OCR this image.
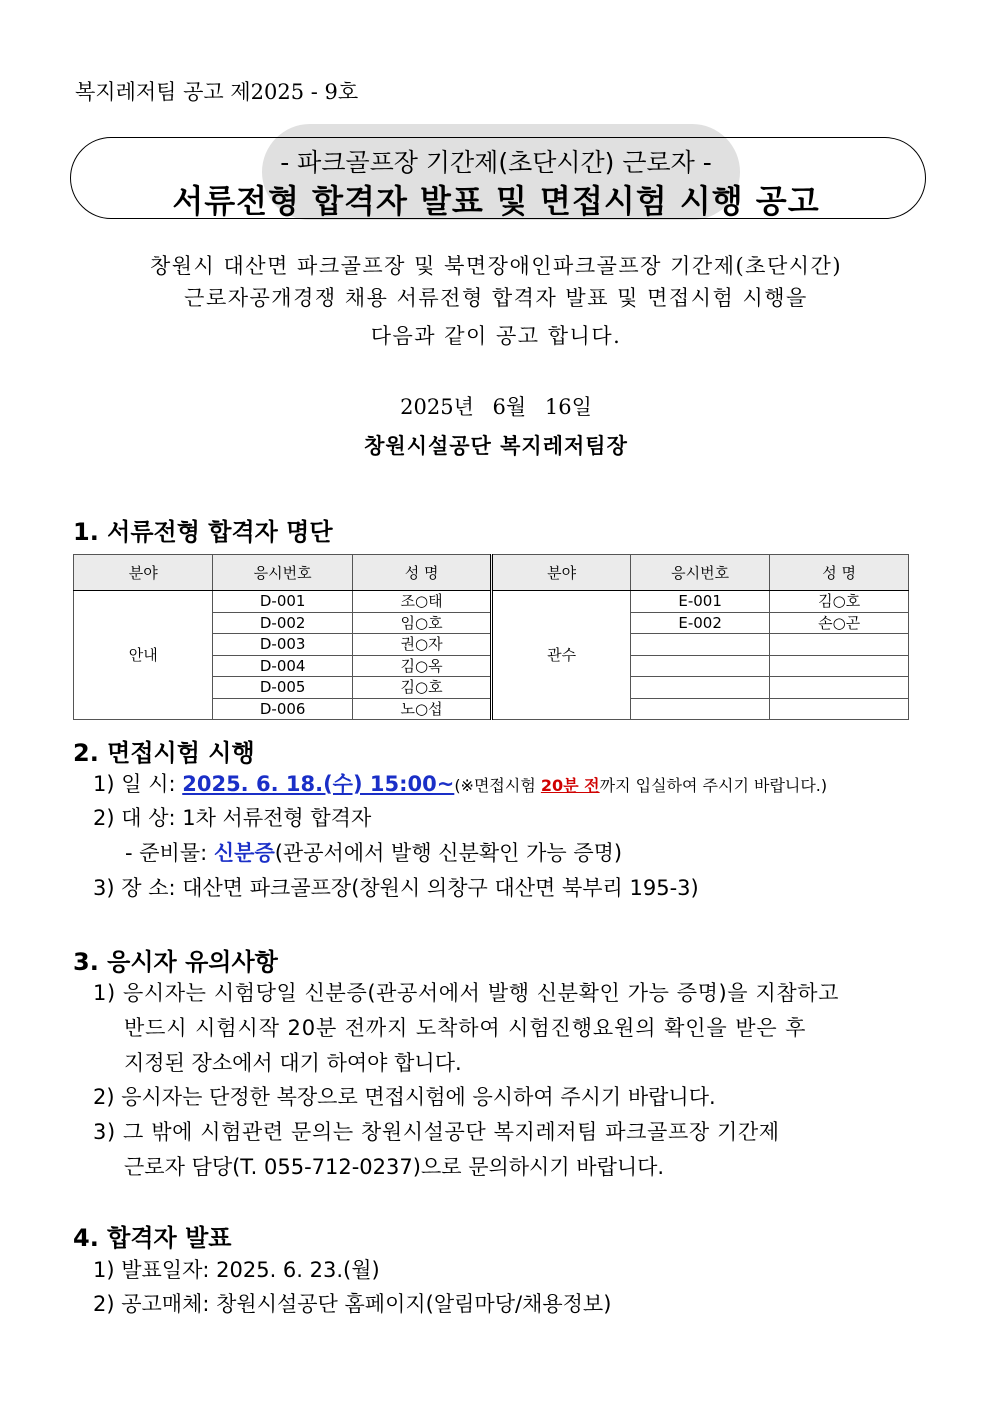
복지레저팀 공고 제2025 - 9호
- 파크골프장 기간제(초단시간) 근로자 -
서류전형 합격자 발표 및 면접시험 시행 공고
창원시 대산면 파크골프장 및 북면장애인파크골프장 기간제(초단시간)
근로자공개경쟁 채용 서류전형 합격자 발표 및 면접시험 시행을
다음과 같이 공고 합니다.
2025년 6월 16일
창원시설공단 복지레저팀장
1. 서류전형 합격자 명단
분야	응시번호	성 명	분야	응시번호	성 명
안내	D-001	조○태	관수	E-001	김○호
	D-002	임○호		E-002	손○곤
	D-003	권○자			
	D-004	김○옥			
	D-005	김○호			
	D-006	노○섭			
2. 면접시험 시행
1) 일 시: 2025. 6. 18.(수) 15:00~(※면접시험 20분 전까지 입실하여 주시기 바랍니다.)
2) 대 상: 1차 서류전형 합격자
- 준비물: 신분증(관공서에서 발행 신분확인 가능 증명)
3) 장 소: 대산면 파크골프장(창원시 의창구 대산면 북부리 195-3)
3. 응시자 유의사항
1) 응시자는 시험당일 신분증(관공서에서 발행 신분확인 가능 증명)을 지참하고
반드시 시험시작 20분 전까지 도착하여 시험진행요원의 확인을 받은 후
지정된 장소에서 대기 하여야 합니다.
2) 응시자는 단정한 복장으로 면접시험에 응시하여 주시기 바랍니다.
3) 그 밖에 시험관련 문의는 창원시설공단 복지레저팀 파크골프장 기간제
근로자 담당(T. 055-712-0237)으로 문의하시기 바랍니다.
4. 합격자 발표
1) 발표일자: 2025. 6. 23.(월)
2) 공고매체: 창원시설공단 홈페이지(알림마당/채용정보)
